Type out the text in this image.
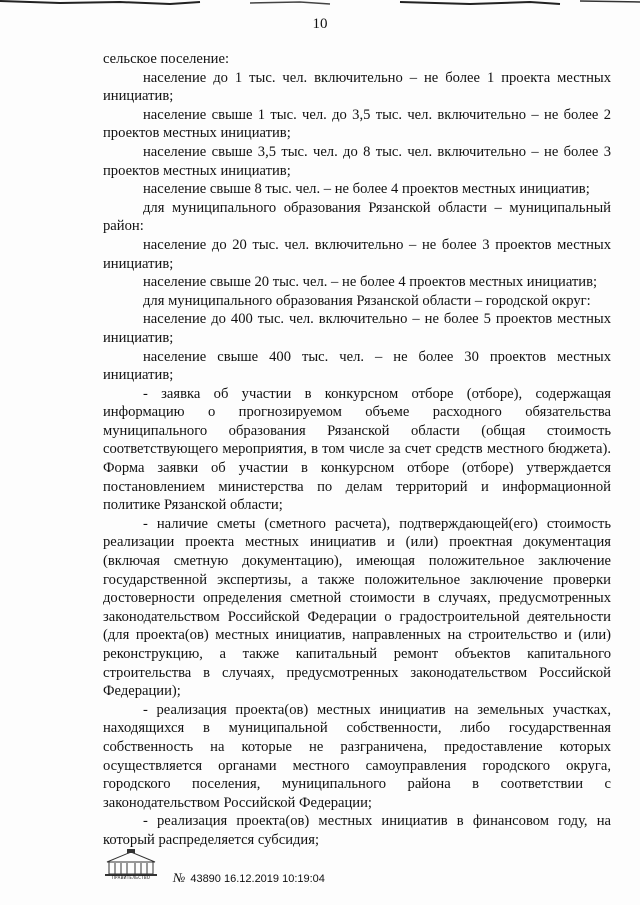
10

сельское поселение:

население до 1 тыс. чел. включительно – не более 1 проекта местных инициатив;

население свыше 1 тыс. чел. до 3,5 тыс. чел. включительно – не более 2 проектов местных инициатив;

население свыше 3,5 тыс. чел. до 8 тыс. чел. включительно – не более 3 проектов местных инициатив;

население свыше 8 тыс. чел. – не более 4 проектов местных инициатив;

для муниципального образования Рязанской области – муниципальный район:

население до 20 тыс. чел. включительно – не более 3 проектов местных инициатив;

население свыше 20 тыс. чел. – не более 4 проектов местных инициатив;

для муниципального образования Рязанской области – городской округ:

население до 400 тыс. чел. включительно – не более 5 проектов местных инициатив;

население свыше 400 тыс. чел. – не более 30 проектов местных инициатив;

- заявка об участии в конкурсном отборе (отборе), содержащая информацию о прогнозируемом объеме расходного обязательства муниципального образования Рязанской области (общая стоимость соответствующего мероприятия, в том числе за счет средств местного бюджета). Форма заявки об участии в конкурсном отборе (отборе) утверждается постановлением министерства по делам территорий и информационной политике Рязанской области;

- наличие сметы (сметного расчета), подтверждающей(его) стоимость реализации проекта местных инициатив и (или) проектная документация (включая сметную документацию), имеющая положительное заключение государственной экспертизы, а также положительное заключение проверки достоверности определения сметной стоимости в случаях, предусмотренных законодательством Российской Федерации о градостроительной деятельности (для проекта(ов) местных инициатив, направленных на строительство и (или) реконструкцию, а также капитальный ремонт объектов капитального строительства в случаях, предусмотренных законодательством Российской Федерации);

- реализация проекта(ов) местных инициатив на земельных участках, находящихся в муниципальной собственности, либо государственная собственность на которые не разграничена, предоставление которых осуществляется органами местного самоуправления городского округа, городского поселения, муниципального района в соответствии с законодательством Российской Федерации;

- реализация проекта(ов) местных инициатив в финансовом году, на который распределяется субсидия;

ПРАВИТЕЛЬСТВО	№ 43890 16.12.2019 10:19:04
